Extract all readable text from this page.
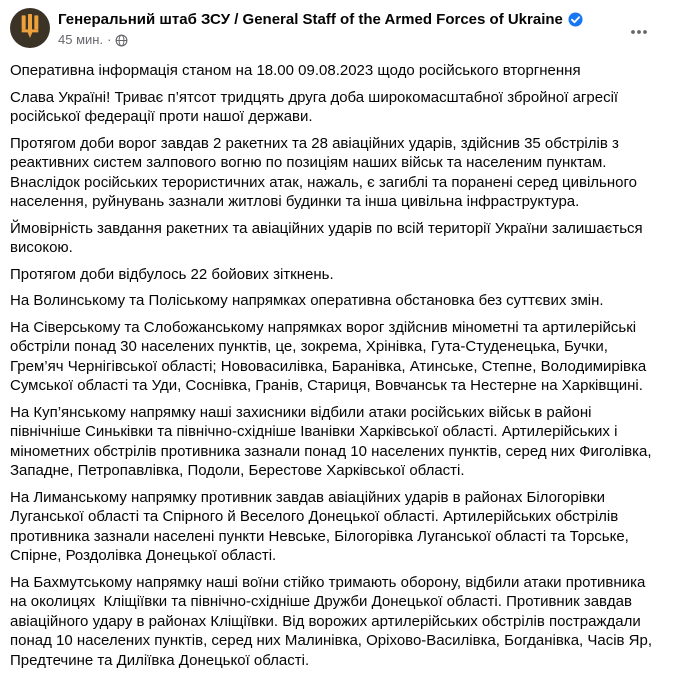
Генеральний штаб ЗСУ / General Staff of the Armed Forces of Ukraine
45 мин. ·

Оперативна інформація станом на 18.00 09.08.2023 щодо російського вторгнення

Слава Україні! Триває п’ятсот тридцять друга доба широкомасштабної збройної агресії російської федерації проти нашої держави.

Протягом доби ворог завдав 2 ракетних та 28 авіаційних ударів, здійснив 35 обстрілів з реактивних систем залпового вогню по позиціям наших військ та населеним пунктам. Внаслідок російських терористичних атак, нажаль, є загиблі та поранені серед цивільного населення, руйнувань зазнали житлові будинки та інша цивільна інфраструктура.

Ймовірність завдання ракетних та авіаційних ударів по всій території України залишається високою.

Протягом доби відбулось 22 бойових зіткнень.

На Волинському та Поліському напрямках оперативна обстановка без суттєвих змін.

На Сіверському та Слобожанському напрямках ворог здійснив мінометні та артилерійські обстріли понад 30 населених пунктів, це, зокрема, Хрінівка, Гута-Студенецька, Бучки, Грем’яч Чернігівської області; Нововасилівка, Баранівка, Атинське, Степне, Володимирівка Сумської області та Уди, Соснівка, Гранів, Стариця, Вовчанськ та Нестерне на Харківщині.

На Куп’янському напрямку наші захисники відбили атаки російських військ в районі північніше Синьківки та північно-східніше Іванівки Харківської області. Артилерійських і мінометних обстрілів противника зазнали понад 10 населених пунктів, серед них Фиголівка, Западне, Петропавлівка, Подоли, Берестове Харківської області.

На Лиманському напрямку противник завдав авіаційних ударів в районах Білогорівки Луганської області та Спірного й Веселого Донецької області. Артилерійських обстрілів противника зазнали населені пункти Невське, Білогорівка Луганської області та Торське, Спірне, Роздолівка Донецької області.

На Бахмутському напрямку наші воїни стійко тримають оборону, відбили атаки противника на околицях  Кліщіївки та північно-східніше Дружби Донецької області. Противник завдав авіаційного удару в районах Кліщіївки. Від ворожих артилерійських обстрілів постраждали понад 10 населених пунктів, серед них Малинівка, Оріхово-Василівка, Богданівка, Часів Яр, Предтечине та Диліївка Донецької області.
